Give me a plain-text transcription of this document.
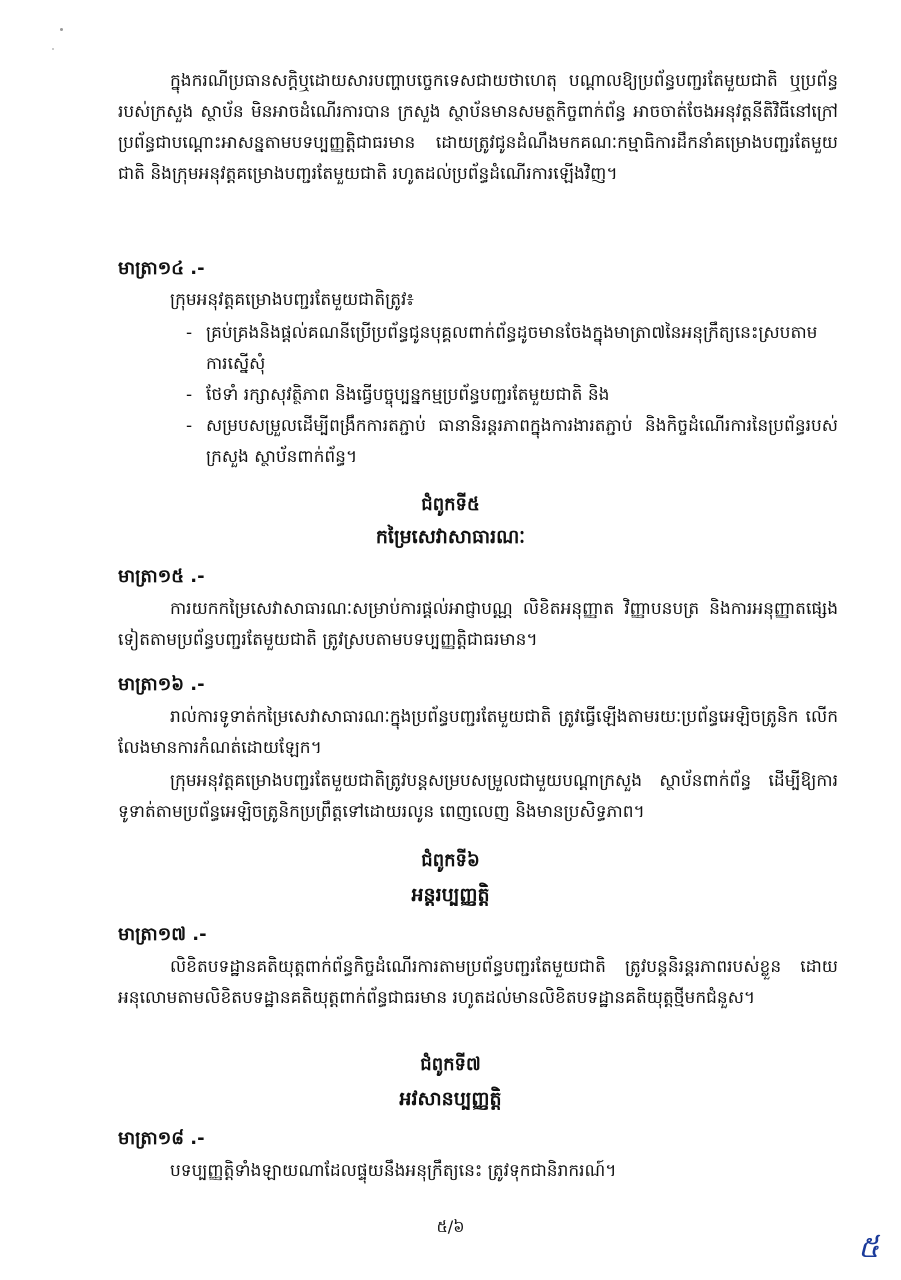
ក្នុងករណីប្រធានសក្តិឬដោយសារបញ្ហាបច្ចេកទេសជាយថាហេតុ បណ្តាលឱ្យប្រព័ន្ធបញ្ជរតែមួយជាតិ ឬប្រព័ន្ធរបស់ក្រសួង ស្ថាប័ន មិនអាចដំណើរការបាន ក្រសួង ស្ថាប័នមានសមត្ថកិច្ចពាក់ព័ន្ធ អាចចាត់ចែងអនុវត្តនីតិវិធីនៅក្រៅប្រព័ន្ធជាបណ្តោះអាសន្នតាមបទប្បញ្ញត្តិជាធរមាន ដោយត្រូវជូនដំណឹងមកគណៈកម្មាធិការដឹកនាំគម្រោងបញ្ជរតែមួយជាតិ និងក្រុមអនុវត្តគម្រោងបញ្ជរតែមួយជាតិ រហូតដល់ប្រព័ន្ធដំណើរការឡើងវិញ។

មាត្រា១៤ .-

ក្រុមអនុវត្តគម្រោងបញ្ជរតែមួយជាតិត្រូវ៖

- គ្រប់គ្រងនិងផ្តល់គណនីប្រើប្រព័ន្ធជូនបុគ្គលពាក់ព័ន្ធដូចមានចែងក្នុងមាត្រា៧នៃអនុក្រឹត្យនេះស្របតាមការស្នើសុំ
- ថែទាំ រក្សាសុវត្ថិភាព និងធ្វើបច្ចុប្បន្នកម្មប្រព័ន្ធបញ្ជរតែមួយជាតិ និង
- សម្របសម្រួលដើម្បីពង្រឹកការតភ្ជាប់ ធានានិរន្តរភាពក្នុងការងារតភ្ជាប់ និងកិច្ចដំណើរការនៃប្រព័ន្ធរបស់ក្រសួង ស្ថាប័នពាក់ព័ន្ធ។

ជំពូកទី៥

កម្រៃសេវាសាធារណៈ

មាត្រា១៥ .-

ការយកកម្រៃសេវាសាធារណៈសម្រាប់ការផ្តល់អាជ្ញាបណ្ណ លិខិតអនុញ្ញាត វិញ្ញាបនបត្រ និងការអនុញ្ញាតផ្សេងទៀតតាមប្រព័ន្ធបញ្ជរតែមួយជាតិ ត្រូវស្របតាមបទប្បញ្ញត្តិជាធរមាន។

មាត្រា១៦ .-

រាល់ការទូទាត់កម្រៃសេវាសាធារណៈក្នុងប្រព័ន្ធបញ្ជរតែមួយជាតិ ត្រូវធ្វើឡើងតាមរយៈប្រព័ន្ធអេឡិចត្រូនិក លើកលែងមានការកំណត់ដោយឡែក។

ក្រុមអនុវត្តគម្រោងបញ្ជរតែមួយជាតិត្រូវបន្តសម្របសម្រួលជាមួយបណ្តាក្រសួង ស្ថាប័នពាក់ព័ន្ធ ដើម្បីឱ្យការទូទាត់តាមប្រព័ន្ធអេឡិចត្រូនិកប្រព្រឹត្តទៅដោយរលូន ពេញលេញ និងមានប្រសិទ្ធភាព។

ជំពូកទី៦

អន្តរប្បញ្ញត្តិ

មាត្រា១៧ .-

លិខិតបទដ្ឋានគតិយុត្តពាក់ព័ន្ធកិច្ចដំណើរការតាមប្រព័ន្ធបញ្ជរតែមួយជាតិ ត្រូវបន្តនិរន្តរភាពរបស់ខ្លួន ដោយអនុលោមតាមលិខិតបទដ្ឋានគតិយុត្តពាក់ព័ន្ធជាធរមាន រហូតដល់មានលិខិតបទដ្ឋានគតិយុត្តថ្មីមកជំនួស។

ជំពូកទី៧

អវសានប្បញ្ញត្តិ

មាត្រា១៨ .-

បទប្បញ្ញត្តិទាំងឡាយណាដែលផ្ទុយនឹងអនុក្រឹត្យនេះ ត្រូវទុកជានិរាករណ៍។

៥/៦

៥
